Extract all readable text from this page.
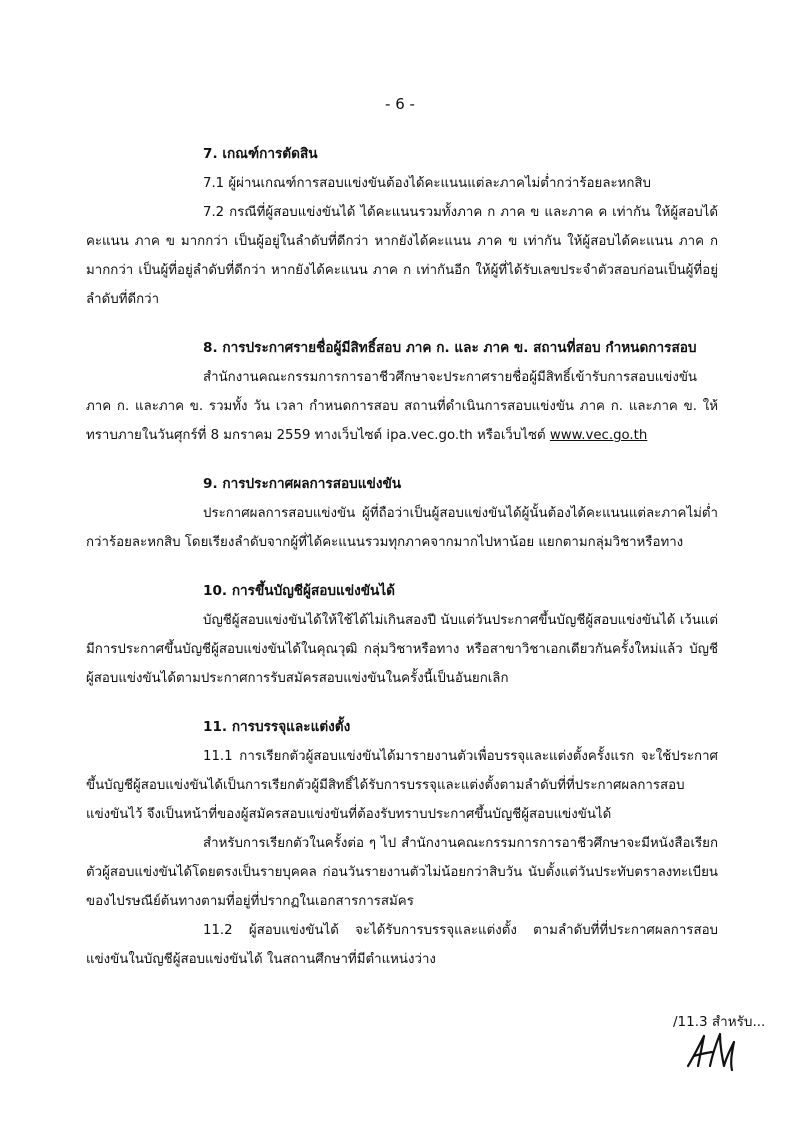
- 6 -
7. เกณฑ์การตัดสิน

7.1 ผู้ผ่านเกณฑ์การสอบแข่งขันต้องได้คะแนนแต่ละภาคไม่ต่ำกว่าร้อยละหกสิบ

7.2 กรณีที่ผู้สอบแข่งขันได้ ได้คะแนนรวมทั้งภาค ก ภาค ข และภาค ค เท่ากัน ให้ผู้สอบได้คะแนน ภาค ข มากกว่า เป็นผู้อยู่ในลำดับที่ดีกว่า หากยังได้คะแนน ภาค ข เท่ากัน ให้ผู้สอบได้คะแนน ภาค ก มากกว่า เป็นผู้ที่อยู่ลำดับที่ดีกว่า หากยังได้คะแนน ภาค ก เท่ากันอีก ให้ผู้ที่ได้รับเลขประจำตัวสอบก่อนเป็นผู้ที่อยู่ลำดับที่ดีกว่า

8. การประกาศรายชื่อผู้มีสิทธิ์สอบ ภาค ก. และ ภาค ข. สถานที่สอบ กำหนดการสอบ

สำนักงานคณะกรรมการการอาชีวศึกษาจะประกาศรายชื่อผู้มีสิทธิ์เข้ารับการสอบแข่งขัน ภาค ก. และภาค ข. รวมทั้ง วัน เวลา กำหนดการสอบ สถานที่ดำเนินการสอบแข่งขัน ภาค ก. และภาค ข. ให้ทราบภายในวันศุกร์ที่ 8 มกราคม 2559 ทางเว็บไซต์ ipa.vec.go.th หรือเว็บไซต์ www.vec.go.th

9. การประกาศผลการสอบแข่งขัน

ประกาศผลการสอบแข่งขัน ผู้ที่ถือว่าเป็นผู้สอบแข่งขันได้ผู้นั้นต้องได้คะแนนแต่ละภาคไม่ต่ำกว่าร้อยละหกสิบ โดยเรียงลำดับจากผู้ที่ได้คะแนนรวมทุกภาคจากมากไปหาน้อย แยกตามกลุ่มวิชาหรือทาง

10. การขึ้นบัญชีผู้สอบแข่งขันได้

บัญชีผู้สอบแข่งขันได้ให้ใช้ได้ไม่เกินสองปี นับแต่วันประกาศขึ้นบัญชีผู้สอบแข่งขันได้ เว้นแต่มีการประกาศขึ้นบัญชีผู้สอบแข่งขันได้ในคุณวุฒิ กลุ่มวิชาหรือทาง หรือสาขาวิชาเอกเดียวกันครั้งใหม่แล้ว บัญชีผู้สอบแข่งขันได้ตามประกาศการรับสมัครสอบแข่งขันในครั้งนี้เป็นอันยกเลิก

11. การบรรจุและแต่งตั้ง

11.1 การเรียกตัวผู้สอบแข่งขันได้มารายงานตัวเพื่อบรรจุและแต่งตั้งครั้งแรก จะใช้ประกาศขึ้นบัญชีผู้สอบแข่งขันได้เป็นการเรียกตัวผู้มีสิทธิ์ได้รับการบรรจุและแต่งตั้งตามลำดับที่ที่ประกาศผลการสอบแข่งขันไว้ จึงเป็นหน้าที่ของผู้สมัครสอบแข่งขันที่ต้องรับทราบประกาศขึ้นบัญชีผู้สอบแข่งขันได้

สำหรับการเรียกตัวในครั้งต่อ ๆ ไป สำนักงานคณะกรรมการการอาชีวศึกษาจะมีหนังสือเรียกตัวผู้สอบแข่งขันได้โดยตรงเป็นรายบุคคล ก่อนวันรายงานตัวไม่น้อยกว่าสิบวัน นับตั้งแต่วันประทับตราลงทะเบียนของไปรษณีย์ต้นทางตามที่อยู่ที่ปรากฏในเอกสารการสมัคร

11.2 ผู้สอบแข่งขันได้ จะได้รับการบรรจุและแต่งตั้ง ตามลำดับที่ที่ประกาศผลการสอบแข่งขันในบัญชีผู้สอบแข่งขันได้ ในสถานศึกษาที่มีตำแหน่งว่าง

/11.3 สำหรับ...
